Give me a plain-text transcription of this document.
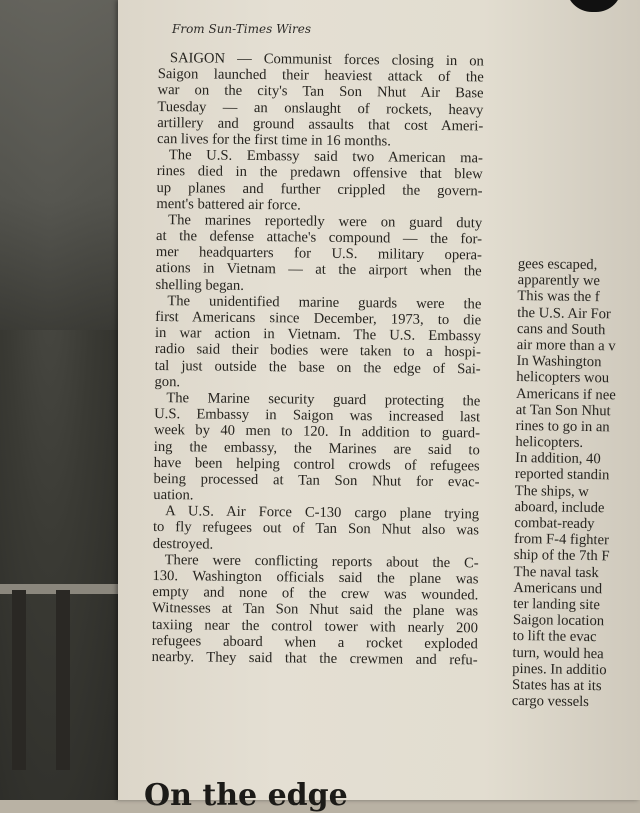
From Sun-Times Wires
SAIGON — Communist forces closing in on
Saigon launched their heaviest attack of the
war on the city's Tan Son Nhut Air Base
Tuesday — an onslaught of rockets, heavy
artillery and ground assaults that cost Ameri-
can lives for the first time in 16 months.
The U.S. Embassy said two American ma-
rines died in the predawn offensive that blew
up planes and further crippled the govern-
ment's battered air force.
The marines reportedly were on guard duty
at the defense attache's compound — the for-
mer headquarters for U.S. military opera-
ations in Vietnam — at the airport when the
shelling began.
The unidentified marine guards were the
first Americans since December, 1973, to die
in war action in Vietnam. The U.S. Embassy
radio said their bodies were taken to a hospi-
tal just outside the base on the edge of Sai-
gon.
The Marine security guard protecting the
U.S. Embassy in Saigon was increased last
week by 40 men to 120. In addition to guard-
ing the embassy, the Marines are said to
have been helping control crowds of refugees
being processed at Tan Son Nhut for evac-
uation.
A U.S. Air Force C-130 cargo plane trying
to fly refugees out of Tan Son Nhut also was
destroyed.
There were conflicting reports about the C-
130. Washington officials said the plane was
empty and none of the crew was wounded.
Witnesses at Tan Son Nhut said the plane was
taxiing near the control tower with nearly 200
refugees aboard when a rocket exploded
nearby. They said that the crewmen and refu-
gees escaped,
apparently we
This was the f
the U.S. Air For
cans and South
air more than a v
In Washington
helicopters wou
Americans if nee
at Tan Son Nhut
rines to go in an
helicopters.
In addition, 40
reported standin
The ships, w
aboard, include
combat-ready
from F-4 fighter
ship of the 7th F
The naval task
Americans und
ter landing site
Saigon location
to lift the evac
turn, would hea
pines. In additio
States has at its
cargo vessels
On the edge
